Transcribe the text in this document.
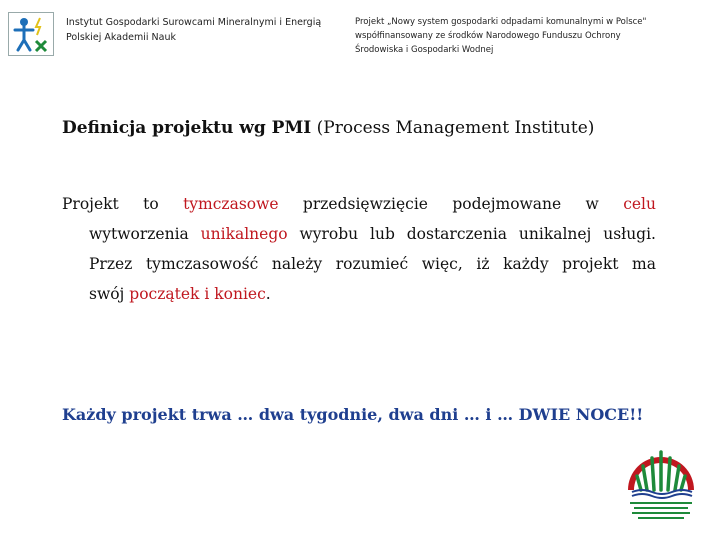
Instytut Gospodarki Surowcami Mineralnymi i Energią
Polskiej Akademii Nauk
Projekt „Nowy system gospodarki odpadami komunalnymi w Polsce"
współfinansowany ze środków Narodowego Funduszu Ochrony
Środowiska i Gospodarki Wodnej
Definicja projektu wg PMI (Process Management Institute)
Projekt to tymczasowe przedsięwzięcie podejmowane w celu
wytworzenia unikalnego wyrobu lub dostarczenia unikalnej usługi.
Przez tymczasowość należy rozumieć więc, iż każdy projekt ma
swój początek i koniec.
Każdy projekt trwa … dwa tygodnie, dwa dni … i … DWIE NOCE!!
